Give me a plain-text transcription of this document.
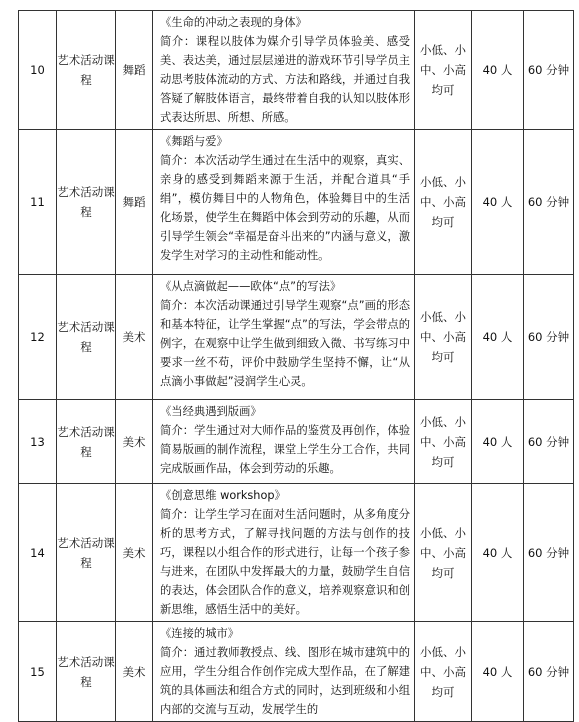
10	艺术活动课程	舞蹈	《生命的冲动之表现的身体》
简介：课程以肢体为媒介引导学员体验美、感受美、表达美，通过层层递进的游戏环节引导学员主动思考肢体流动的方式、方法和路线，并通过自我答疑了解肢体语言，最终带着自我的认知以肢体形式表达所思、所想、所感。	小低、小中、小高均可	40 人	60 分钟
11	艺术活动课程	舞蹈	《舞蹈与爱》
简介：本次活动学生通过在生活中的观察，真实、亲身的感受到舞蹈来源于生活，并配合道具“手绢”，模仿舞目中的人物角色，体验舞目中的生活化场景，使学生在舞蹈中体会到劳动的乐趣，从而引导学生领会“幸福是奋斗出来的”内涵与意义，激发学生对学习的主动性和能动性。	小低、小中、小高均可	40 人	60 分钟
12	艺术活动课程	美术	《从点滴做起——欧体“点”的写法》
简介：本次活动课通过引导学生观察“点”画的形态和基本特征，让学生掌握“点”的写法，学会带点的例字，在观察中让学生做到细致入微、书写练习中要求一丝不苟，评价中鼓励学生坚持不懈，让“从点滴小事做起”浸润学生心灵。	小低、小中、小高均可	40 人	60 分钟
13	艺术活动课程	美术	《当经典遇到版画》
简介：学生通过对大师作品的鉴赏及再创作，体验简易版画的制作流程，课堂上学生分工合作，共同完成版画作品，体会到劳动的乐趣。	小低、小中、小高均可	40 人	60 分钟
14	艺术活动课程	美术	《创意思维 workshop》
简介：让学生学习在面对生活问题时，从多角度分析的思考方式，了解寻找问题的方法与创作的技巧，课程以小组合作的形式进行，让每一个孩子参与进来，在团队中发挥最大的力量，鼓励学生自信的表达，体会团队合作的意义，培养观察意识和创新思维，感悟生活中的美好。	小低、小中、小高均可	40 人	60 分钟
15	艺术活动课程	美术	《连接的城市》
简介：通过教师教授点、线、图形在城市建筑中的应用，学生分组合作创作完成大型作品，在了解建筑的具体画法和组合方式的同时，达到班级和小组内部的交流与互动，发展学生的	小低、小中、小高均可	40 人	60 分钟
